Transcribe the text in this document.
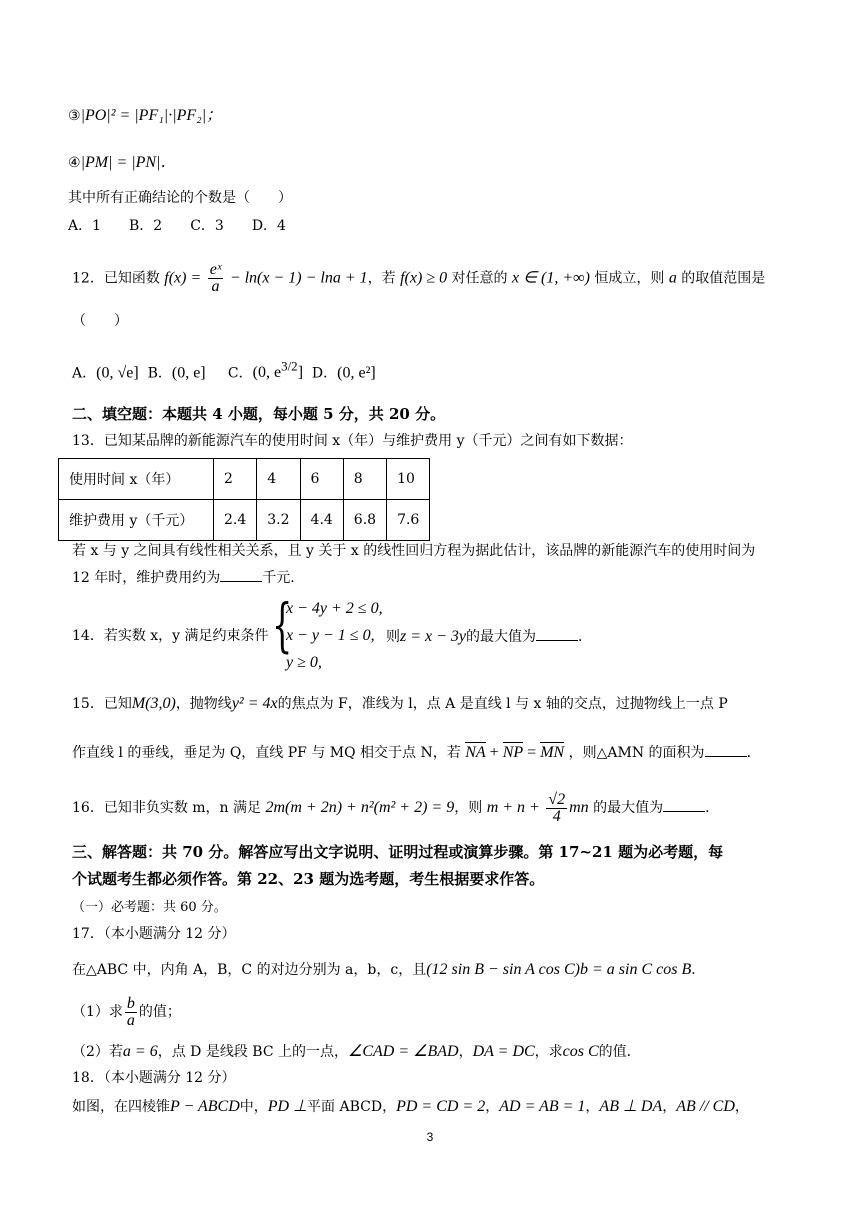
③|PO|² = |PF₁|·|PF₂|；
④|PM| = |PN|．
其中所有正确结论的个数是（　　）
A．1　　B．2　　C．3　　D．4
12．已知函数 $f(x) = \frac{\text{eˣ}}{a} - \ln(x - 1) - \ln a + 1$，若 f(x) ≥ 0 对任意的 x ∈ (1, +∞) 恒成立，则 a 的取值范围是
（　　）
A．(0, √e] B．(0, e] C．(0, $e^{3/2}$] D．(0, e²]
二、填空题：本题共 4 小题，每小题 5 分，共 20 分。
13．已知某品牌的新能源汽车的使用时间 x（年）与维护费用 y（千元）之间有如下数据：
使用时间 x（年）	2	4	6	8	10
维护费用 y（千元）	2.4	3.2	4.4	6.8	7.6
若 x 与 y 之间具有线性相关关系，且 y 关于 x 的线性回归方程为据此估计，该品牌的新能源汽车的使用时间为
12 年时，维护费用约为	千元．
14．若实数 x，y 满足约束条件 {
x − 4y + 2 ≤ 0,
x − y − 1 ≤ 0,
y ≥ 0,
则z = x − 3y的最大值为	．
15．已知M(3,0)，抛物线y² = 4x的焦点为 F，准线为 l，点 A 是直线 l 与 x 轴的交点，过抛物线上一点 P
作直线 l 的垂线，垂足为 Q，直线 PF 与 MQ 相交于点 N，若 NA + NP = MN ，则△AMN 的面积为	．
16．已知非负实数 m，n 满足 2m(m + 2n) + n²(m² + 2) = 9，则 $m + n + \frac{√2}{4}$ mn 的最大值为	．
三、解答题：共 70 分。解答应写出文字说明、证明过程或演算步骤。第 17~21 题为必考题，每
个试题考生都必须作答。第 22、23 题为选考题，考生根据要求作答。
（一）必考题：共 60 分。
17．（本小题满分 12 分）
在△ABC 中，内角 A，B，C 的对边分别为 a，b，c，且(12 sin B − sin A cos C)b = a sin C cos B．
（1）求 $\frac{b}{a}$ 的值；
（2）若a = 6，点 D 是线段 BC 上的一点，∠CAD = ∠BAD，DA = DC，求cos C的值．
18．（本小题满分 12 分）
如图，在四棱锥P − ABCD中，PD ⊥平面 ABCD，PD = CD = 2，AD = AB = 1，AB ⊥ DA，AB // CD，
3
